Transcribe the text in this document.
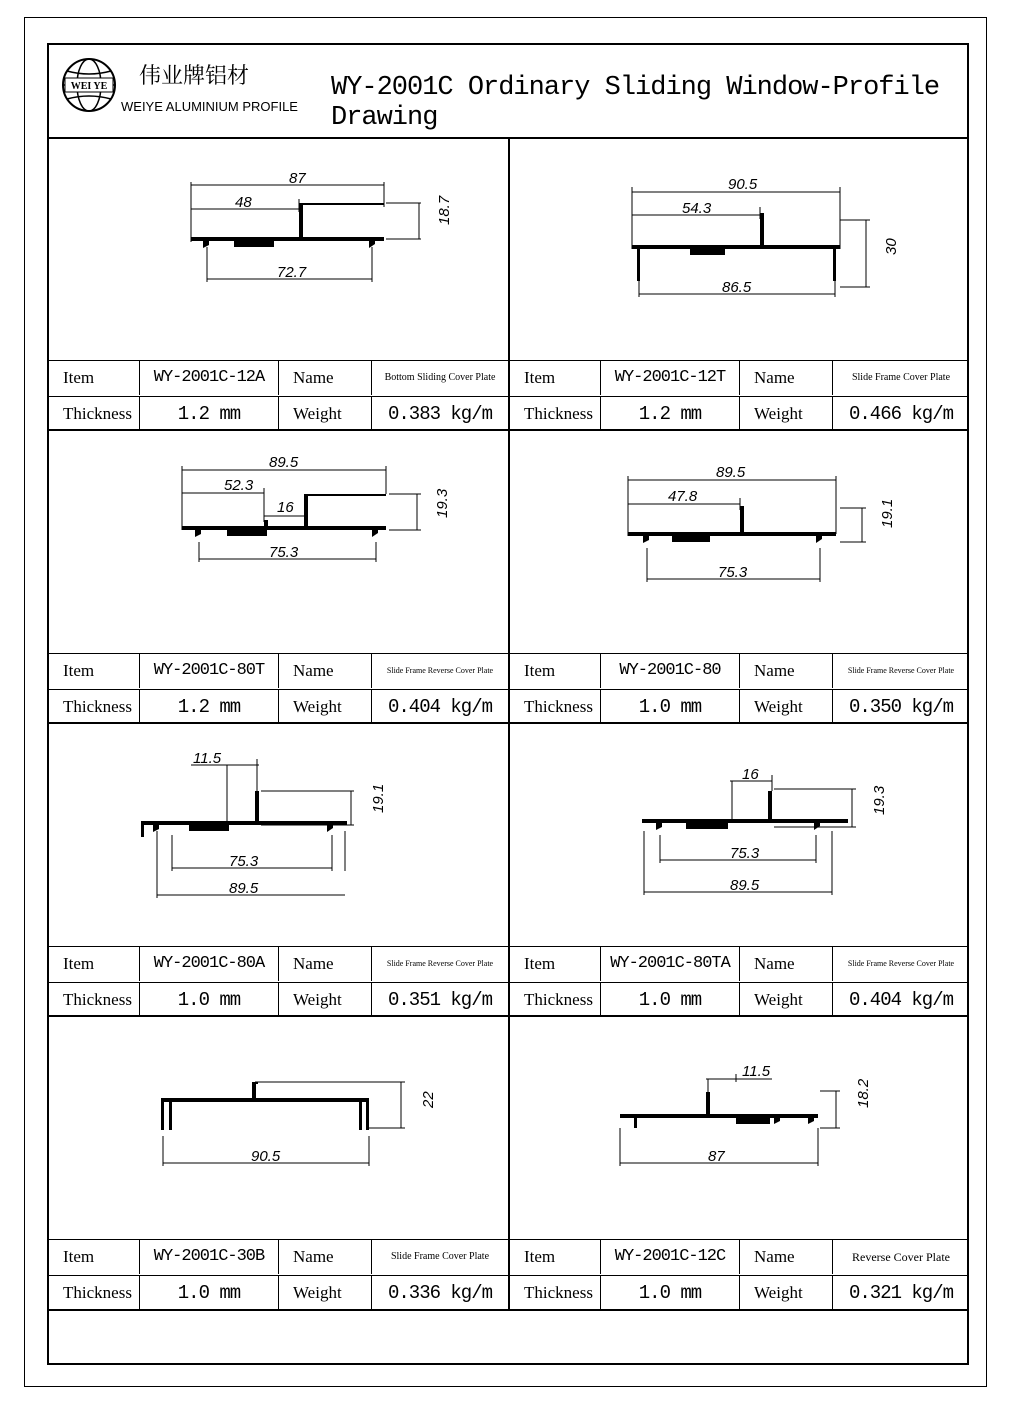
WEI YE 伟业牌铝材
WEIYE ALUMINIUM PROFILE
WY-2001C Ordinary Sliding Window-Profile Drawing
87
48	18.7
72.7
Item	WY-2001C-12A	Name	Bottom Sliding Cover Plate
Thickness	1.2 mm	Weight	0.383 kg/m
90.5
54.3
30
86.5
Item	WY-2001C-12T	Name	Slide Frame Cover Plate
Thickness	1.2 mm	Weight	0.466 kg/m
89.5
52.3
16	19.3
75.3
Item	WY-2001C-80T	Name	Slide Frame Reverse Cover Plate
Thickness	1.2 mm	Weight	0.404 kg/m
89.5
47.8
19.1
75.3
Item	WY-2001C-80	Name	Slide Frame Reverse Cover Plate
Thickness	1.0 mm	Weight	0.350 kg/m
11.5
19.1
75.3
89.5
Item	WY-2001C-80A	Name	Slide Frame Reverse Cover Plate
Thickness	1.0 mm	Weight	0.351 kg/m
16
19.3
75.3
89.5
Item	WY-2001C-80TA	Name	Slide Frame Reverse Cover Plate
Thickness	1.0 mm	Weight	0.404 kg/m
22
90.5
Item	WY-2001C-30B	Name	Slide Frame Cover Plate
Thickness	1.0 mm	Weight	0.336 kg/m
11.5
18.2
87
Item	WY-2001C-12C	Name	Reverse Cover Plate
Thickness	1.0 mm	Weight	0.321 kg/m
